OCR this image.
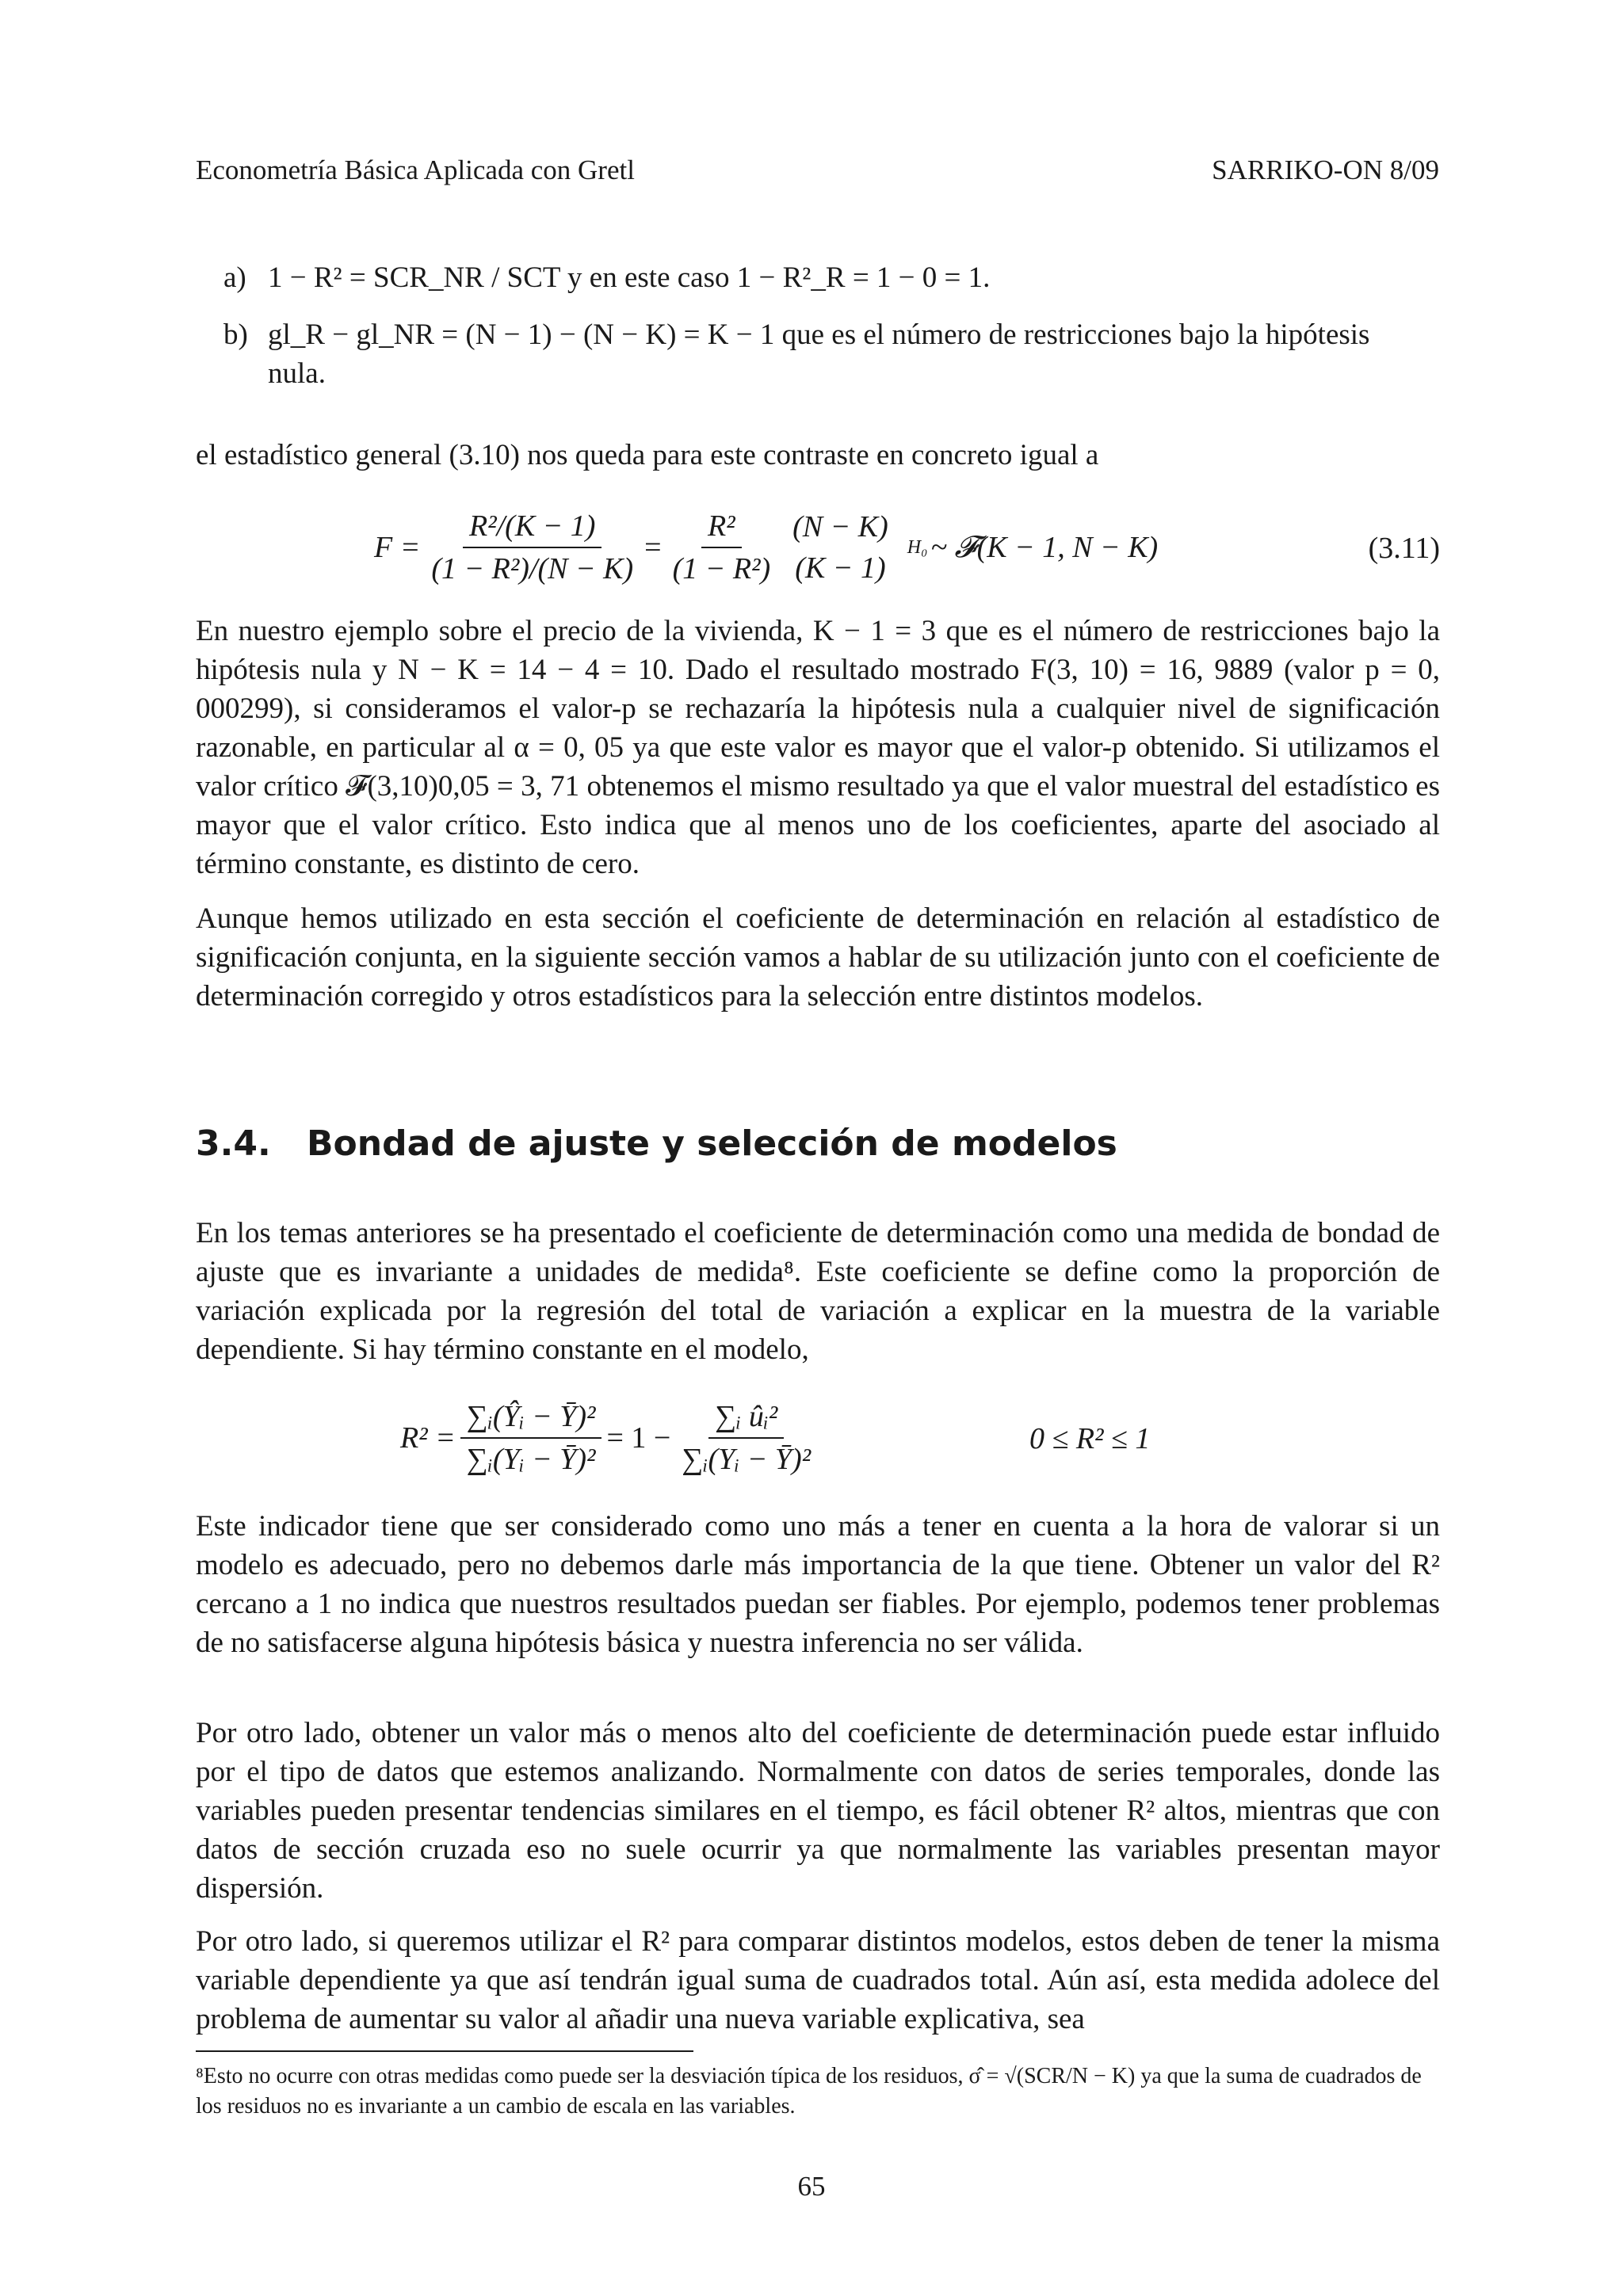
Econometría Básica Aplicada con Gretl	SARRIKO-ON 8/09
a) 1 − R² = SCR_NR / SCT y en este caso 1 − R²_R = 1 − 0 = 1.
b) gl_R − gl_NR = (N − 1) − (N − K) = K − 1 que es el número de restricciones bajo la hipótesis
nula.
el estadístico general (3.10) nos queda para este contraste en concreto igual a
$F = \frac{\text{R²/(K − 1)}}{\text{(1 − R²)/(N − K)}} = \frac{\text{R²}}{\text{(1 − R²)}} (N - K)$
(K − 1)
H₀ ~ 𝓕(K − 1, N − K)	(3.11)
En nuestro ejemplo sobre el precio de la vivienda, K − 1 = 3 que es el número de restricciones bajo la hipótesis nula y N − K = 14 − 4 = 10. Dado el resultado mostrado F(3, 10) = 16, 9889 (valor p = 0, 000299), si consideramos el valor-p se rechazaría la hipótesis nula a cualquier nivel de significación razonable, en particular al α = 0, 05 ya que este valor es mayor que el valor-p obtenido. Si utilizamos el valor crítico 𝓕(3,10)0,05 = 3, 71 obtenemos el mismo resultado ya que el valor muestral del estadístico es mayor que el valor crítico. Esto indica que al menos uno de los coeficientes, aparte del asociado al término constante, es distinto de cero.
Aunque hemos utilizado en esta sección el coeficiente de determinación en relación al estadístico de significación conjunta, en la siguiente sección vamos a hablar de su utilización junto con el coeficiente de determinación corregido y otros estadísticos para la selección entre distintos modelos.
3.4. Bondad de ajuste y selección de modelos
En los temas anteriores se ha presentado el coeficiente de determinación como una medida de bondad de ajuste que es invariante a unidades de medida⁸. Este coeficiente se define como la proporción de variación explicada por la regresión del total de variación a explicar en la muestra de la variable dependiente. Si hay término constante en el modelo,
$R^2 = \frac{\text{∑ᵢ(Ŷᵢ − Ȳ)²}}{\text{∑ᵢ(Yᵢ − Ȳ)²}} = 1 - \frac{\text{∑ᵢ ûᵢ²}}{\text{∑ᵢ(Yᵢ − Ȳ)²}}$	0 ≤ R² ≤ 1
Este indicador tiene que ser considerado como uno más a tener en cuenta a la hora de valorar si un modelo es adecuado, pero no debemos darle más importancia de la que tiene. Obtener un valor del R² cercano a 1 no indica que nuestros resultados puedan ser fiables. Por ejemplo, podemos tener problemas de no satisfacerse alguna hipótesis básica y nuestra inferencia no ser válida.
Por otro lado, obtener un valor más o menos alto del coeficiente de determinación puede estar influido por el tipo de datos que estemos analizando. Normalmente con datos de series temporales, donde las variables pueden presentar tendencias similares en el tiempo, es fácil obtener R² altos, mientras que con datos de sección cruzada eso no suele ocurrir ya que normalmente las variables presentan mayor dispersión.
Por otro lado, si queremos utilizar el R² para comparar distintos modelos, estos deben de tener la misma variable dependiente ya que así tendrán igual suma de cuadrados total. Aún así, esta medida adolece del problema de aumentar su valor al añadir una nueva variable explicativa, sea
⁸Esto no ocurre con otras medidas como puede ser la desviación típica de los residuos, σ̂ = √(SCR/N − K) ya que la suma de cuadrados de los residuos no es invariante a un cambio de escala en las variables.
65
